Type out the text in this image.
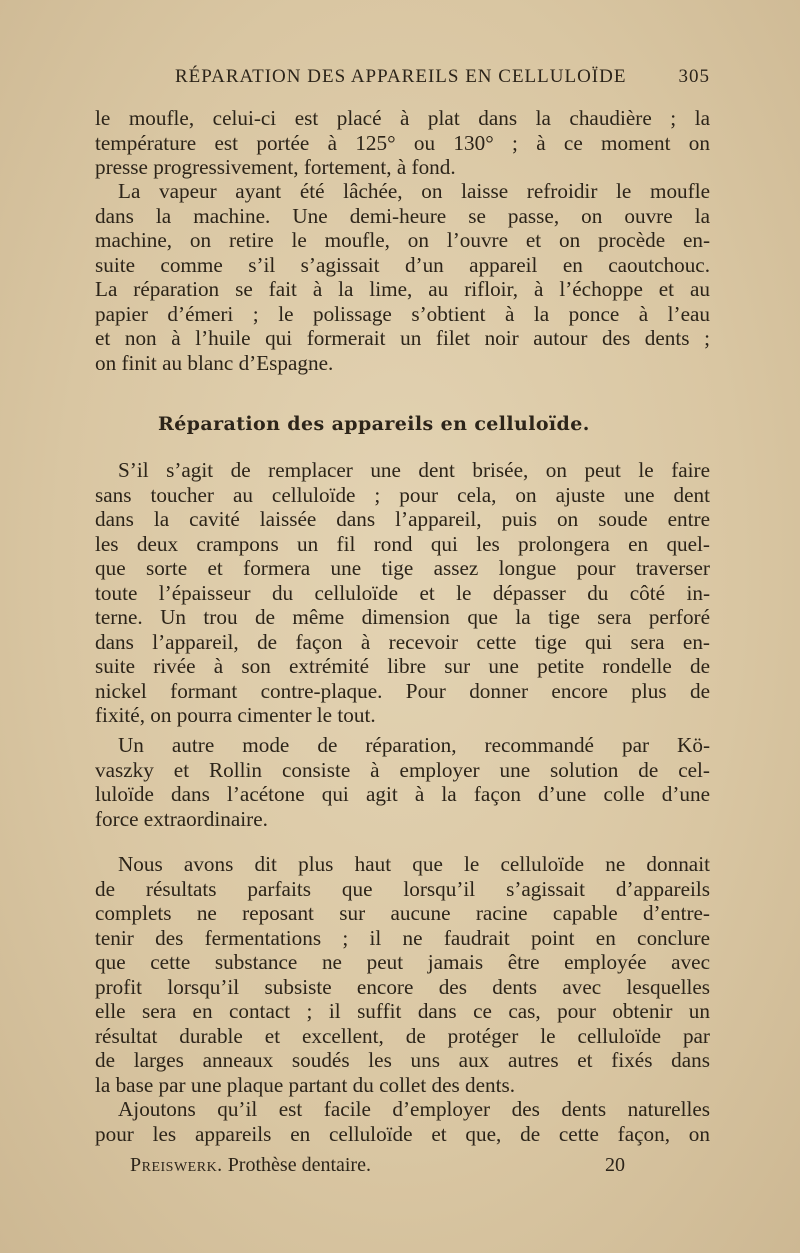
RÉPARATION DES APPAREILS EN CELLULOÏDE	305
le moufle, celui-ci est placé à plat dans la chaudière ; la
température est portée à 125° ou 130° ; à ce moment on
presse progressivement, fortement, à fond.
La vapeur ayant été lâchée, on laisse refroidir le moufle
dans la machine. Une demi-heure se passe, on ouvre la
machine, on retire le moufle, on l’ouvre et on procède en-
suite comme s’il s’agissait d’un appareil en caoutchouc.
La réparation se fait à la lime, au rifloir, à l’échoppe et au
papier d’émeri ; le polissage s’obtient à la ponce à l’eau
et non à l’huile qui formerait un filet noir autour des dents ;
on finit au blanc d’Espagne.
Réparation des appareils en celluloïde.
S’il s’agit de remplacer une dent brisée, on peut le faire
sans toucher au celluloïde ; pour cela, on ajuste une dent
dans la cavité laissée dans l’appareil, puis on soude entre
les deux crampons un fil rond qui les prolongera en quel-
que sorte et formera une tige assez longue pour traverser
toute l’épaisseur du celluloïde et le dépasser du côté in-
terne. Un trou de même dimension que la tige sera perforé
dans l’appareil, de façon à recevoir cette tige qui sera en-
suite rivée à son extrémité libre sur une petite rondelle de
nickel formant contre-plaque. Pour donner encore plus de
fixité, on pourra cimenter le tout.
Un autre mode de réparation, recommandé par Kö-
vaszky et Rollin consiste à employer une solution de cel-
luloïde dans l’acétone qui agit à la façon d’une colle d’une
force extraordinaire.
Nous avons dit plus haut que le celluloïde ne donnait
de résultats parfaits que lorsqu’il s’agissait d’appareils
complets ne reposant sur aucune racine capable d’entre-
tenir des fermentations ; il ne faudrait point en conclure
que cette substance ne peut jamais être employée avec
profit lorsqu’il subsiste encore des dents avec lesquelles
elle sera en contact ; il suffit dans ce cas, pour obtenir un
résultat durable et excellent, de protéger le celluloïde par
de larges anneaux soudés les uns aux autres et fixés dans
la base par une plaque partant du collet des dents.
Ajoutons qu’il est facile d’employer des dents naturelles
pour les appareils en celluloïde et que, de cette façon, on
Preiswerk. Prothèse dentaire.	20
